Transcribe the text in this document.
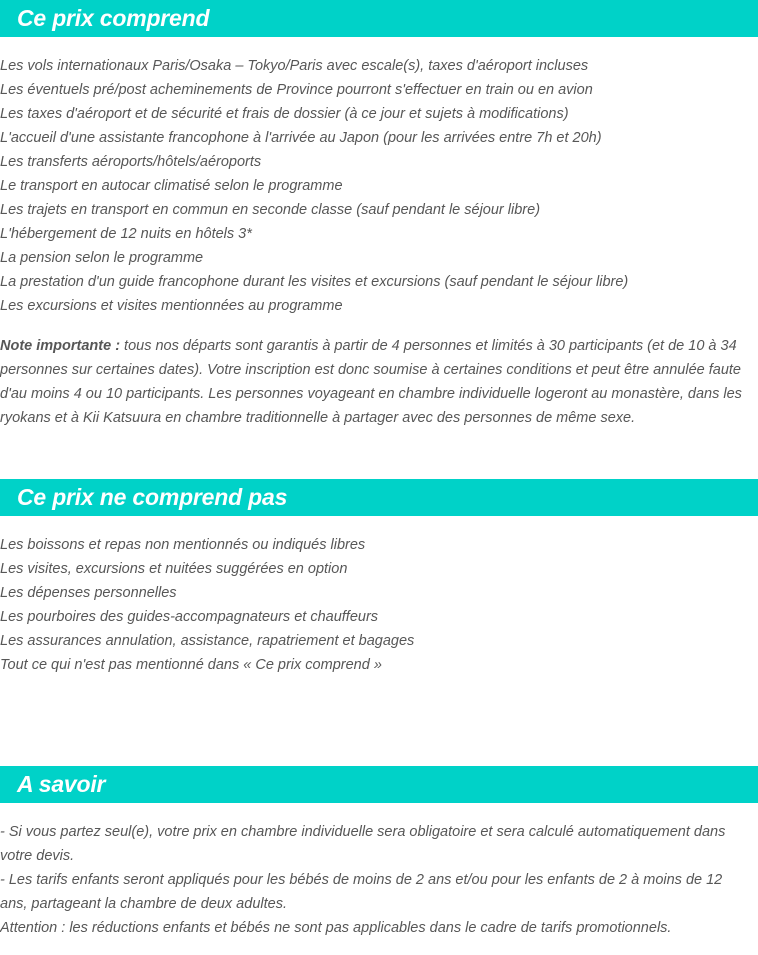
Ce prix comprend
Les vols internationaux Paris/Osaka – Tokyo/Paris avec escale(s), taxes d'aéroport incluses
Les éventuels pré/post acheminements de Province pourront s'effectuer en train ou en avion
Les taxes d'aéroport et de sécurité et frais de dossier (à ce jour et sujets à modifications)
L'accueil d'une assistante francophone à l'arrivée au Japon (pour les arrivées entre 7h et 20h)
Les transferts aéroports/hôtels/aéroports
Le transport en autocar climatisé selon le programme
Les trajets en transport en commun en seconde classe (sauf pendant le séjour libre)
L'hébergement de 12 nuits en hôtels 3*
La pension selon le programme
La prestation d'un guide francophone durant les visites et excursions (sauf pendant le séjour libre)
Les excursions et visites mentionnées au programme

Note importante : tous nos départs sont garantis à partir de 4 personnes et limités à 30 participants (et de 10 à 34 personnes sur certaines dates). Votre inscription est donc soumise à certaines conditions et peut être annulée faute d'au moins 4 ou 10 participants. Les personnes voyageant en chambre individuelle logeront au monastère, dans les ryokans et à Kii Katsuura en chambre traditionnelle à partager avec des personnes de même sexe.

Ce prix ne comprend pas
Les boissons et repas non mentionnés ou indiqués libres
Les visites, excursions et nuitées suggérées en option
Les dépenses personnelles
Les pourboires des guides-accompagnateurs et chauffeurs
Les assurances annulation, assistance, rapatriement et bagages
Tout ce qui n'est pas mentionné dans « Ce prix comprend »
A savoir

- Si vous partez seul(e), votre prix en chambre individuelle sera obligatoire et sera calculé automatiquement dans votre devis.

- Les tarifs enfants seront appliqués pour les bébés de moins de 2 ans et/ou pour les enfants de 2 à moins de 12 ans, partageant la chambre de deux adultes.

Attention : les réductions enfants et bébés ne sont pas applicables dans le cadre de tarifs promotionnels.
